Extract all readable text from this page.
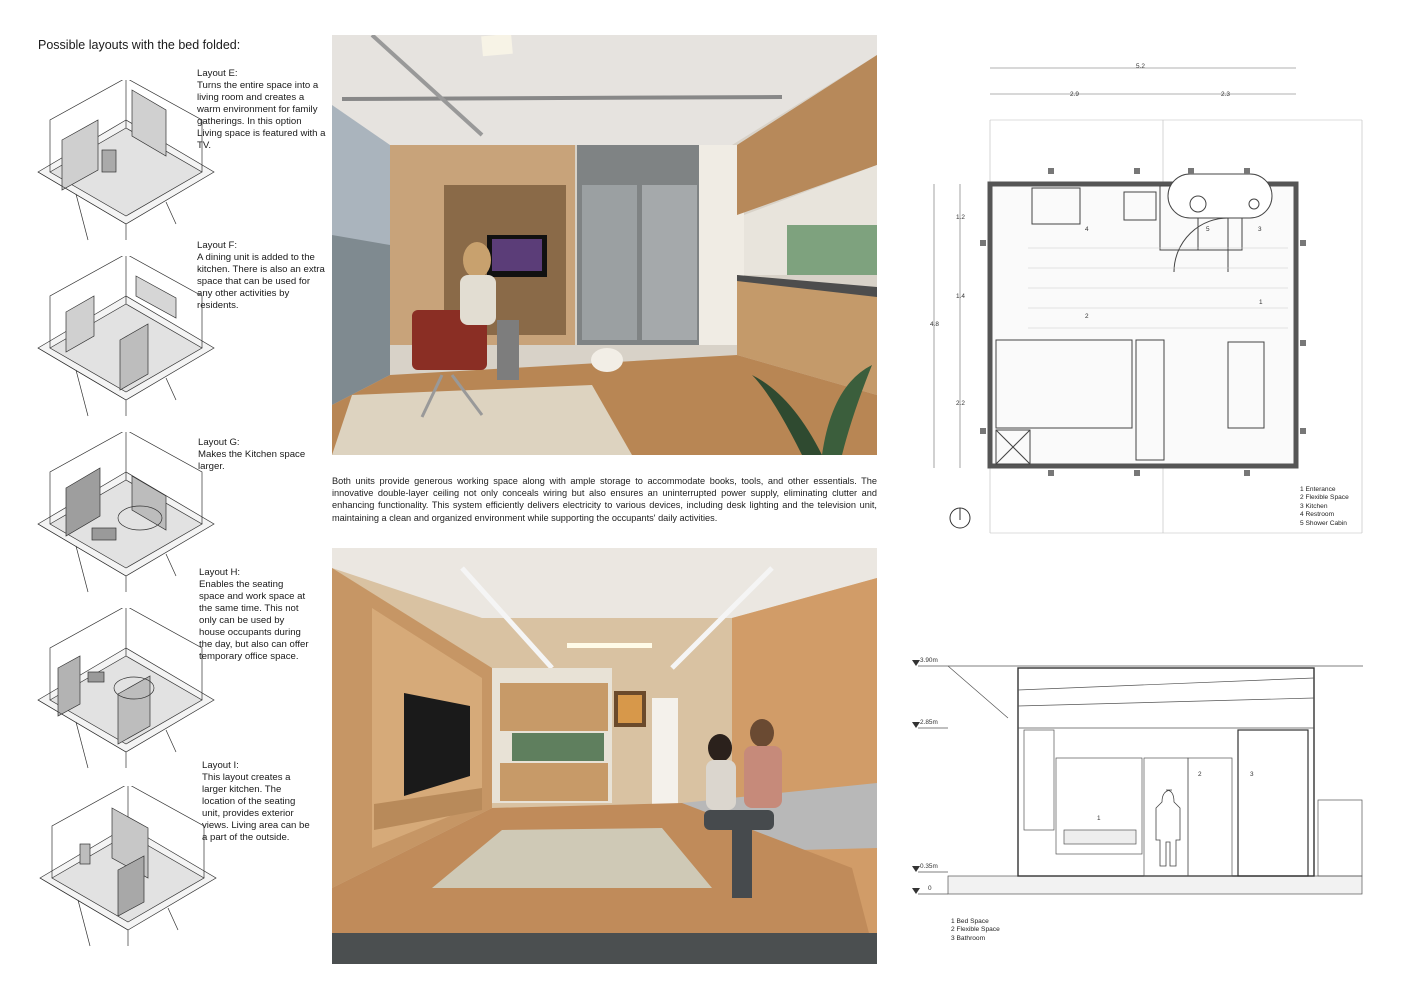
Possible layouts with the bed folded:
Layout E:
Turns the entire space into a living room and creates a warm environment for family gatherings. In this option Living space is featured with a TV.
Layout F:
A dining unit is added to the kitchen. There is also an extra space that can be used for any other activities by residents.
Layout G:
Makes the Kitchen space larger.
Layout H:
Enables the seating space and work space at the same time. This not only can be used by house occupants during the day, but also can offer temporary office space.
Layout I:
This layout creates a larger kitchen. The location of the seating unit, provides exterior views. Living area can be a part of the outside.
Both units provide generous working space along with ample storage to accommodate books, tools, and other essentials. The innovative double-layer ceiling not only conceals wiring but also ensures an uninterrupted power supply, eliminating clutter and enhancing functionality. This system efficiently delivers electricity to various devices, including desk lighting and the television unit, maintaining a clean and organized environment while supporting the occupants' daily activities.
5.2
2.9	2.3
4.8
1.2
1.4
2.2
1
2
3
4	5
1 Enterance
2 Flexible Space
3 Kitchen
4 Restroom
5 Shower Cabin
3.90m
2.85m
0.35m
0
1
2	3
1 Bed Space
2 Flexible Space
3 Bathroom
